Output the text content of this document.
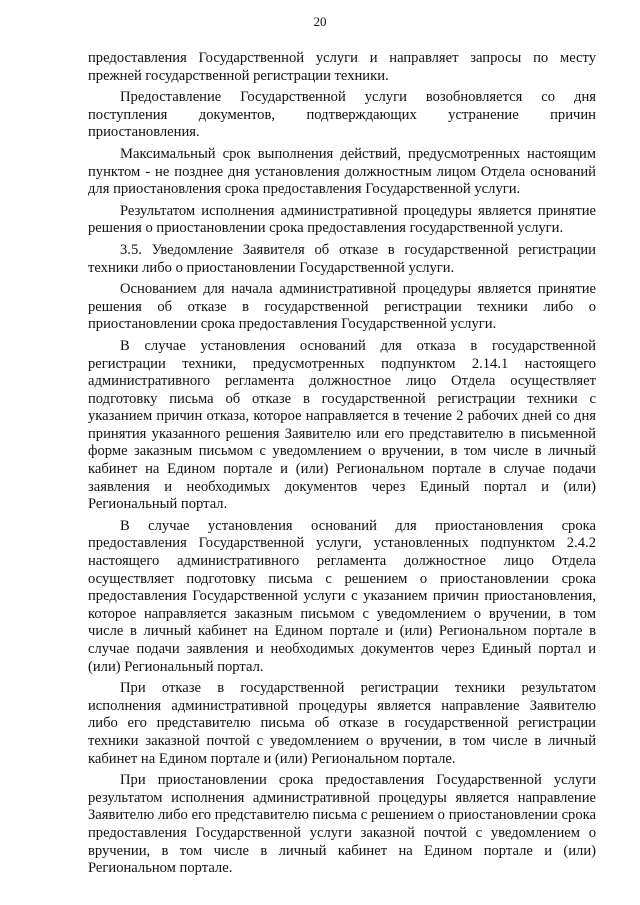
20

предоставления Государственной услуги и направляет запросы по месту прежней государственной регистрации техники.

Предоставление Государственной услуги возобновляется со дня поступления документов, подтверждающих устранение причин приостановления.

Максимальный срок выполнения действий, предусмотренных настоящим пунктом - не позднее дня установления должностным лицом Отдела оснований для приостановления срока предоставления Государственной услуги.

Результатом исполнения административной процедуры является принятие решения о приостановлении срока предоставления государственной услуги.

3.5. Уведомление Заявителя об отказе в государственной регистрации техники либо о приостановлении Государственной услуги.

Основанием для начала административной процедуры является принятие решения об отказе в государственной регистрации техники либо о приостановлении срока предоставления Государственной услуги.

В случае установления оснований для отказа в государственной регистрации техники, предусмотренных подпунктом 2.14.1 настоящего административного регламента должностное лицо Отдела осуществляет подготовку письма об отказе в государственной регистрации техники с указанием причин отказа, которое направляется в течение 2 рабочих дней со дня принятия указанного решения Заявителю или его представителю в письменной форме заказным письмом с уведомлением о вручении, в том числе в личный кабинет на Едином портале и (или) Региональном портале в случае подачи заявления и необходимых документов через Единый портал и (или) Региональный портал.

В случае установления оснований для приостановления срока предоставления Государственной услуги, установленных подпунктом 2.4.2 настоящего административного регламента должностное лицо Отдела осуществляет подготовку письма с решением о приостановлении срока предоставления Государственной услуги с указанием причин приостановления, которое направляется заказным письмом с уведомлением о вручении, в том числе в личный кабинет на Едином портале и (или) Региональном портале в случае подачи заявления и необходимых документов через Единый портал и (или) Региональный портал.

При отказе в государственной регистрации техники результатом исполнения административной процедуры является направление Заявителю либо его представителю письма об отказе в государственной регистрации техники заказной почтой с уведомлением о вручении, в том числе в личный кабинет на Едином портале и (или) Региональном портале.

При приостановлении срока предоставления Государственной услуги результатом исполнения административной процедуры является направление Заявителю либо его представителю письма с решением о приостановлении срока предоставления Государственной услуги заказной почтой с уведомлением о вручении, в том числе в личный кабинет на Едином портале и (или) Региональном портале.
